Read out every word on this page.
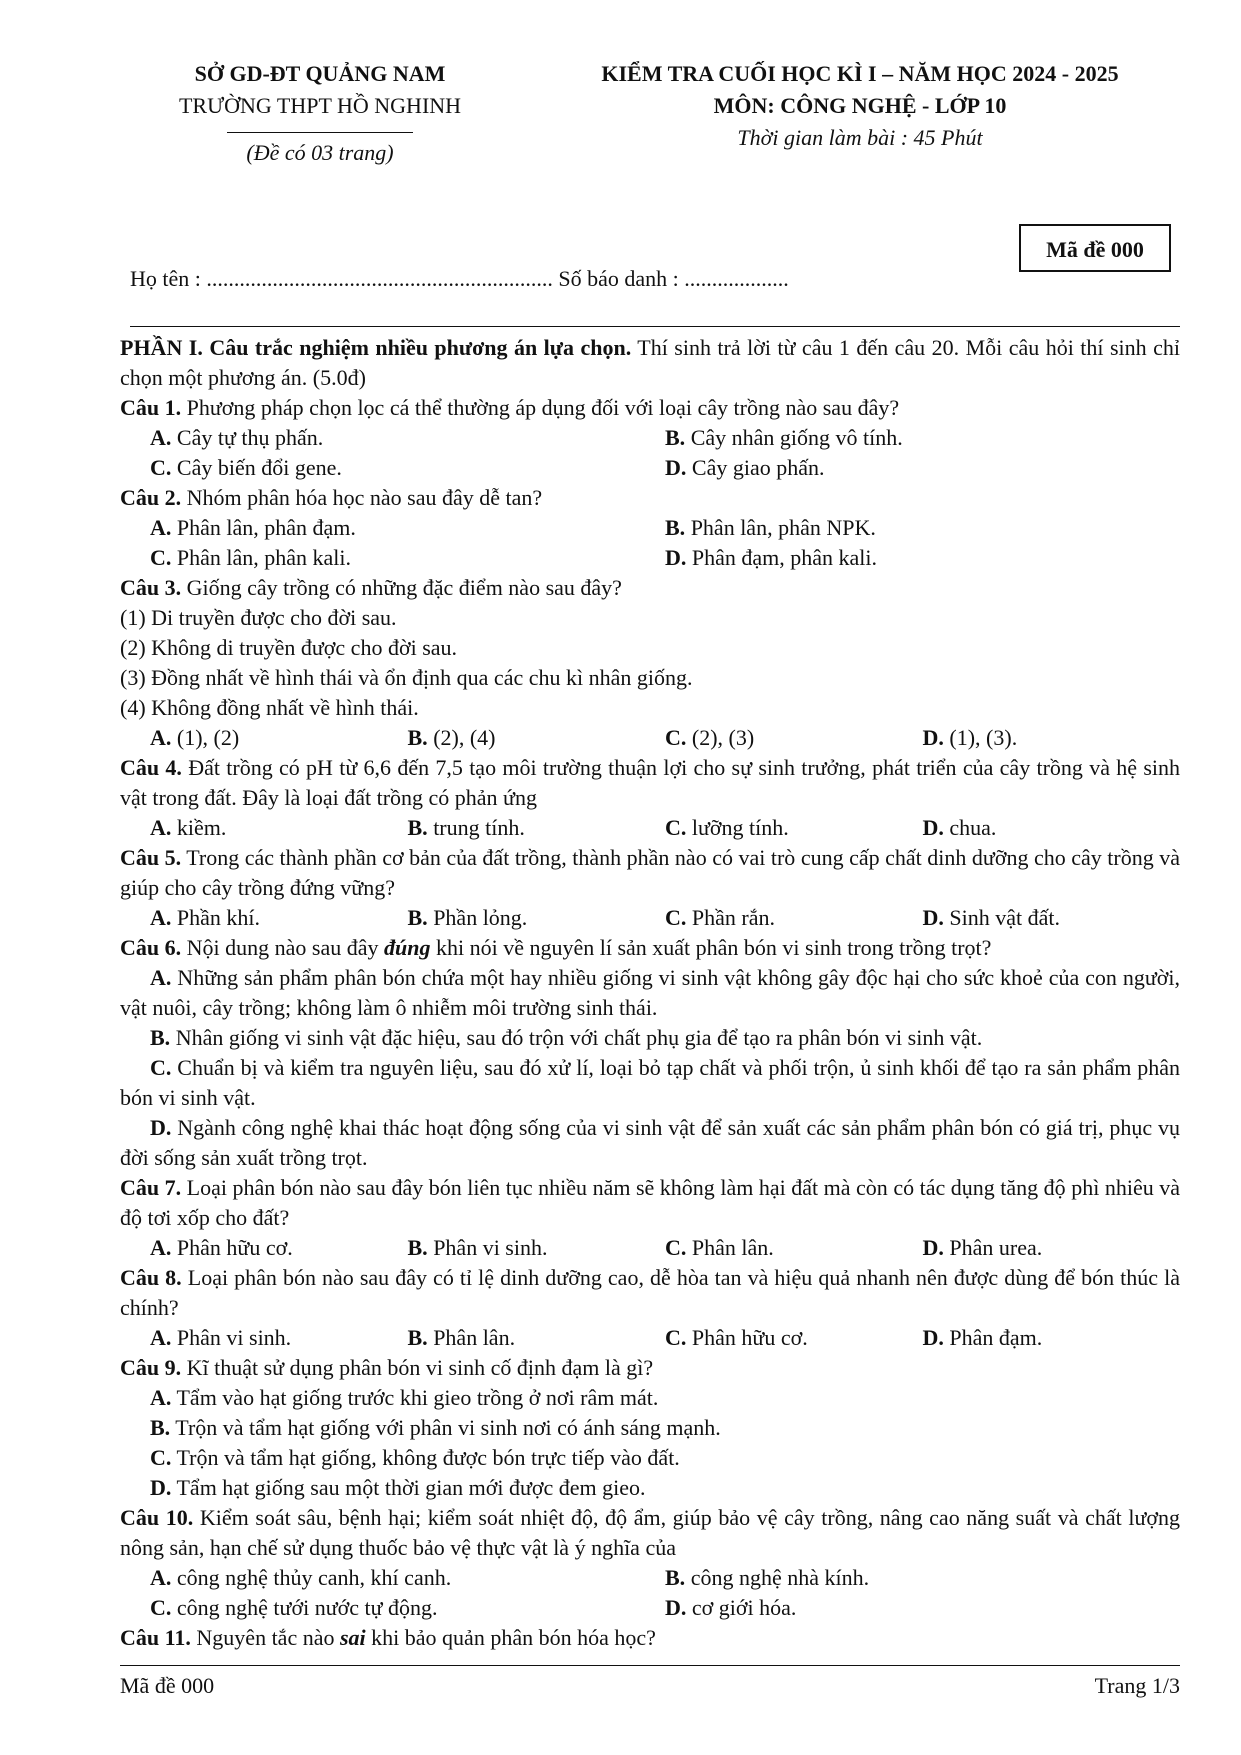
SỞ GD-ĐT QUẢNG NAM
TRƯỜNG THPT HỒ NGHINH
(Đề có 03 trang)
KIỂM TRA CUỐI HỌC KÌ I – NĂM HỌC 2024 - 2025
MÔN: CÔNG NGHỆ - LỚP 10
Thời gian làm bài : 45 Phút
Mã đề 000
Họ tên : ............................................................... Số báo danh : ...................

PHẦN I. Câu trắc nghiệm nhiều phương án lựa chọn. Thí sinh trả lời từ câu 1 đến câu 20. Mỗi câu hỏi thí sinh chỉ chọn một phương án. (5.0đ)

Câu 1. Phương pháp chọn lọc cá thể thường áp dụng đối với loại cây trồng nào sau đây?

A. Cây tự thụ phấn.	B. Cây nhân giống vô tính.
C. Cây biến đổi gene.	D. Cây giao phấn.

Câu 2. Nhóm phân hóa học nào sau đây dễ tan?

A. Phân lân, phân đạm.	B. Phân lân, phân NPK.
C. Phân lân, phân kali.	D. Phân đạm, phân kali.

Câu 3. Giống cây trồng có những đặc điểm nào sau đây?

(1) Di truyền được cho đời sau.

(2) Không di truyền được cho đời sau.

(3) Đồng nhất về hình thái và ổn định qua các chu kì nhân giống.

(4) Không đồng nhất về hình thái.

A. (1), (2)	B. (2), (4)	C. (2), (3)	D. (1), (3).

Câu 4. Đất trồng có pH từ 6,6 đến 7,5 tạo môi trường thuận lợi cho sự sinh trưởng, phát triển của cây trồng và hệ sinh vật trong đất. Đây là loại đất trồng có phản ứng

A. kiềm.	B. trung tính.	C. lưỡng tính.	D. chua.

Câu 5. Trong các thành phần cơ bản của đất trồng, thành phần nào có vai trò cung cấp chất dinh dưỡng cho cây trồng và giúp cho cây trồng đứng vững?

A. Phần khí.	B. Phần lỏng.	C. Phần rắn.	D. Sinh vật đất.

Câu 6. Nội dung nào sau đây đúng khi nói về nguyên lí sản xuất phân bón vi sinh trong trồng trọt?

A. Những sản phẩm phân bón chứa một hay nhiều giống vi sinh vật không gây độc hại cho sức khoẻ của con người, vật nuôi, cây trồng; không làm ô nhiễm môi trường sinh thái.

B. Nhân giống vi sinh vật đặc hiệu, sau đó trộn với chất phụ gia để tạo ra phân bón vi sinh vật.

C. Chuẩn bị và kiểm tra nguyên liệu, sau đó xử lí, loại bỏ tạp chất và phối trộn, ủ sinh khối để tạo ra sản phẩm phân bón vi sinh vật.

D. Ngành công nghệ khai thác hoạt động sống của vi sinh vật để sản xuất các sản phẩm phân bón có giá trị, phục vụ đời sống sản xuất trồng trọt.

Câu 7. Loại phân bón nào sau đây bón liên tục nhiều năm sẽ không làm hại đất mà còn có tác dụng tăng độ phì nhiêu và độ tơi xốp cho đất?

A. Phân hữu cơ.	B. Phân vi sinh.	C. Phân lân.	D. Phân urea.

Câu 8. Loại phân bón nào sau đây có tỉ lệ dinh dưỡng cao, dễ hòa tan và hiệu quả nhanh nên được dùng để bón thúc là chính?

A. Phân vi sinh.	B. Phân lân.	C. Phân hữu cơ.	D. Phân đạm.

Câu 9. Kĩ thuật sử dụng phân bón vi sinh cố định đạm là gì?

A. Tẩm vào hạt giống trước khi gieo trồng ở nơi râm mát.

B. Trộn và tẩm hạt giống với phân vi sinh nơi có ánh sáng mạnh.

C. Trộn và tẩm hạt giống, không được bón trực tiếp vào đất.

D. Tẩm hạt giống sau một thời gian mới được đem gieo.

Câu 10. Kiểm soát sâu, bệnh hại; kiểm soát nhiệt độ, độ ẩm, giúp bảo vệ cây trồng, nâng cao năng suất và chất lượng nông sản, hạn chế sử dụng thuốc bảo vệ thực vật là ý nghĩa của

A. công nghệ thủy canh, khí canh.	B. công nghệ nhà kính.
C. công nghệ tưới nước tự động.	D. cơ giới hóa.

Câu 11. Nguyên tắc nào sai khi bảo quản phân bón hóa học?

Mã đề 000	Trang 1/3
